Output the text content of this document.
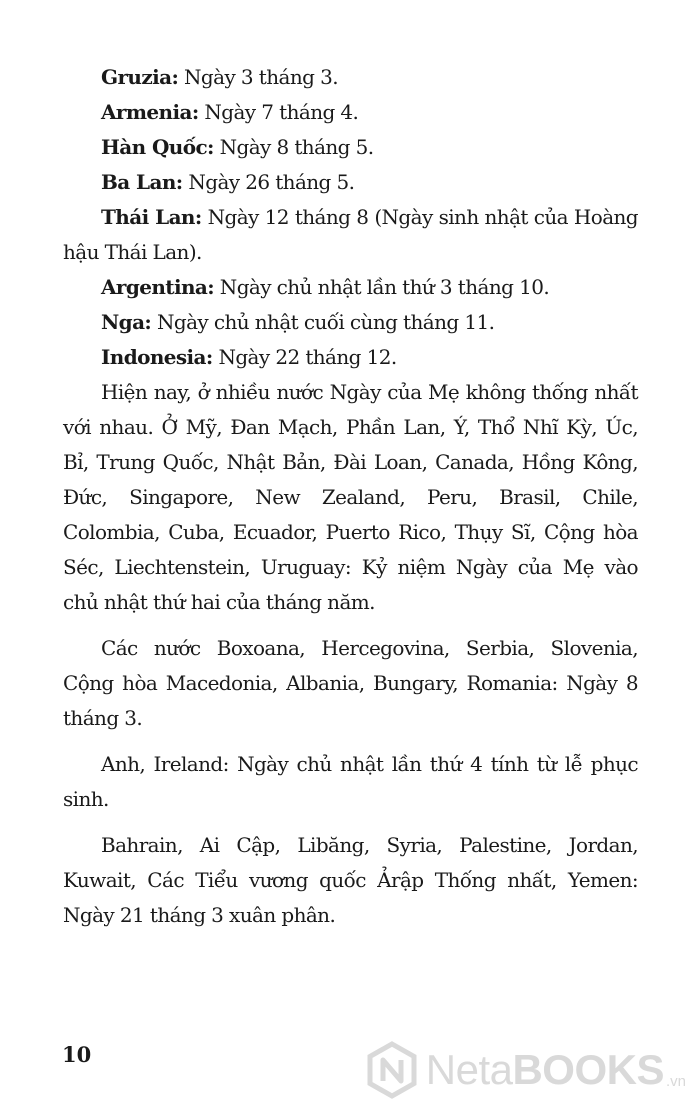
Gruzia: Ngày 3 tháng 3.

Armenia: Ngày 7 tháng 4.

Hàn Quốc: Ngày 8 tháng 5.

Ba Lan: Ngày 26 tháng 5.

Thái Lan: Ngày 12 tháng 8 (Ngày sinh nhật của Hoàng hậu Thái Lan).

Argentina: Ngày chủ nhật lần thứ 3 tháng 10.

Nga: Ngày chủ nhật cuối cùng tháng 11.

Indonesia: Ngày 22 tháng 12.

Hiện nay, ở nhiều nước Ngày của Mẹ không thống nhất với nhau. Ở Mỹ, Đan Mạch, Phần Lan, Ý, Thổ Nhĩ Kỳ, Úc, Bỉ, Trung Quốc, Nhật Bản, Đài Loan, Canada, Hồng Kông, Đức, Singapore, New Zealand, Peru, Brasil, Chile, Colombia, Cuba, Ecuador, Puerto Rico, Thụy Sĩ, Cộng hòa Séc, Liechtenstein, Uruguay: Kỷ niệm Ngày của Mẹ vào chủ nhật thứ hai của tháng năm.

Các nước Boxoana, Hercegovina, Serbia, Slovenia, Cộng hòa Macedonia, Albania, Bungary, Romania: Ngày 8 tháng 3.

Anh, Ireland: Ngày chủ nhật lần thứ 4 tính từ lễ phục sinh.

Bahrain, Ai Cập, Libăng, Syria, Palestine, Jordan, Kuwait, Các Tiểu vương quốc Ảrập Thống nhất, Yemen: Ngày 21 tháng 3 xuân phân.

10	NetaBOOKS .vn
